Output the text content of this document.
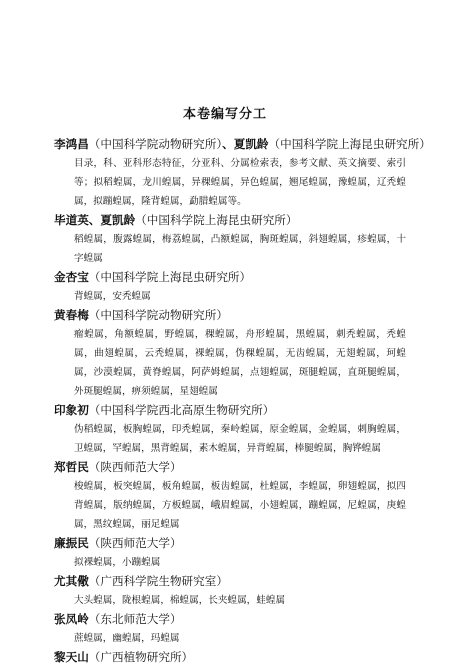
本卷编写分工
李鸿昌（中国科学院动物研究所）、夏凯龄（中国科学院上海昆虫研究所）
目录，科、亚科形态特征，分亚科、分属检索表，参考文献、英文摘要、索引等；拟稻蝗属，龙川蝗属，异稞蝗属，异色蝗属，翘尾蝗属，豫蝗属，辽秃蝗属，拟蹦蝗属，隆背蝗属，勐腊蝗属等。
毕道英、夏凯龄（中国科学院上海昆虫研究所）
稻蝗属，腹露蝗属，梅荔蝗属，凸额蝗属，胸斑蝗属，斜翅蝗属，疹蝗属，十字蝗属
金杏宝（中国科学院上海昆虫研究所）
背蝗属，安秃蝗属
黄春梅（中国科学院动物研究所）
瘤蝗属，角额蝗属，野蝗属，稞蝗属，舟形蝗属，黑蝗属，刺秃蝗属，秃蝗属，曲翅蝗属，云秃蝗属，裸蝗属，伪稞蝗属，无齿蝗属，无翅蝗属，珂蝗属，沙漠蝗属，黄脊蝗属，阿萨姆蝗属，点翅蝗属，斑腿蝗属，直斑腿蝗属，外斑腿蝗属，痹须蝗属，星翅蝗属
印象初（中国科学院西北高原生物研究所）
伪稻蝗属，板胸蝗属，印秃蝗属，秦岭蝗属，原金蝗属，金蝗属，刺胸蝗属，卫蝗属，罕蝗属，黑背蝗属，素木蝗属，异背蝗属，棒腿蝗属，胸铧蝗属
郑哲民（陕西师范大学）
梭蝗属，板突蝗属，板角蝗属，板齿蝗属，杜蝗属，李蝗属，卵翅蝗属，拟四背蝗属，版纳蝗属，方板蝗属，峨眉蝗属，小翅蝗属，蹦蝗属，尼蝗属，庚蝗属，黑纹蝗属，丽足蝗属
廉振民（陕西师范大学）
拟裸蝗属，小蹦蝗属
尤其儆（广西科学院生物研究室）
大头蝗属，陇根蝗属，棉蝗属，长夹蝗属，蛙蝗属
张凤岭（东北师范大学）
蔗蝗属，幽蝗属，玛蝗属
黎天山（广西植物研究所）
